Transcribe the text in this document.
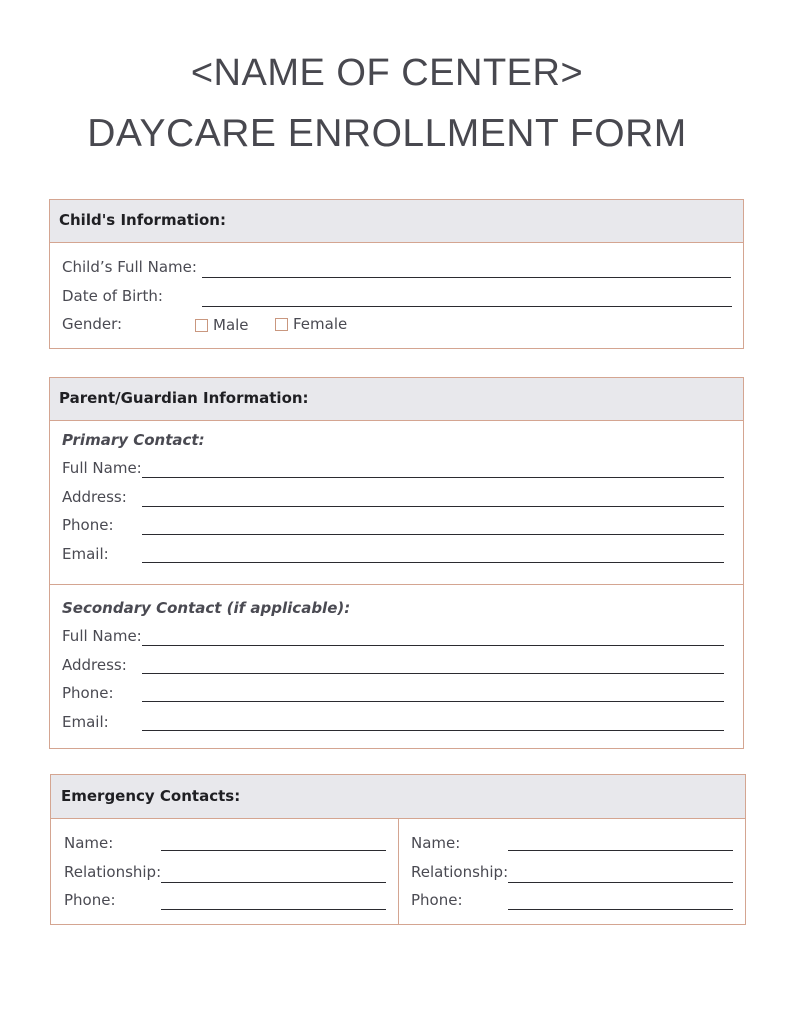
<NAME OF CENTER>
DAYCARE ENROLLMENT FORM
Child's Information:
Child’s Full Name:
Date of Birth:
Gender:	Male	Female
Parent/Guardian Information:
Primary Contact:
Full Name:
Address:
Phone:
Email:
Secondary Contact (if applicable):
Full Name:
Address:
Phone:
Email:
Emergency Contacts:
Name:
Relationship:
Phone:
Name:
Relationship:
Phone:
